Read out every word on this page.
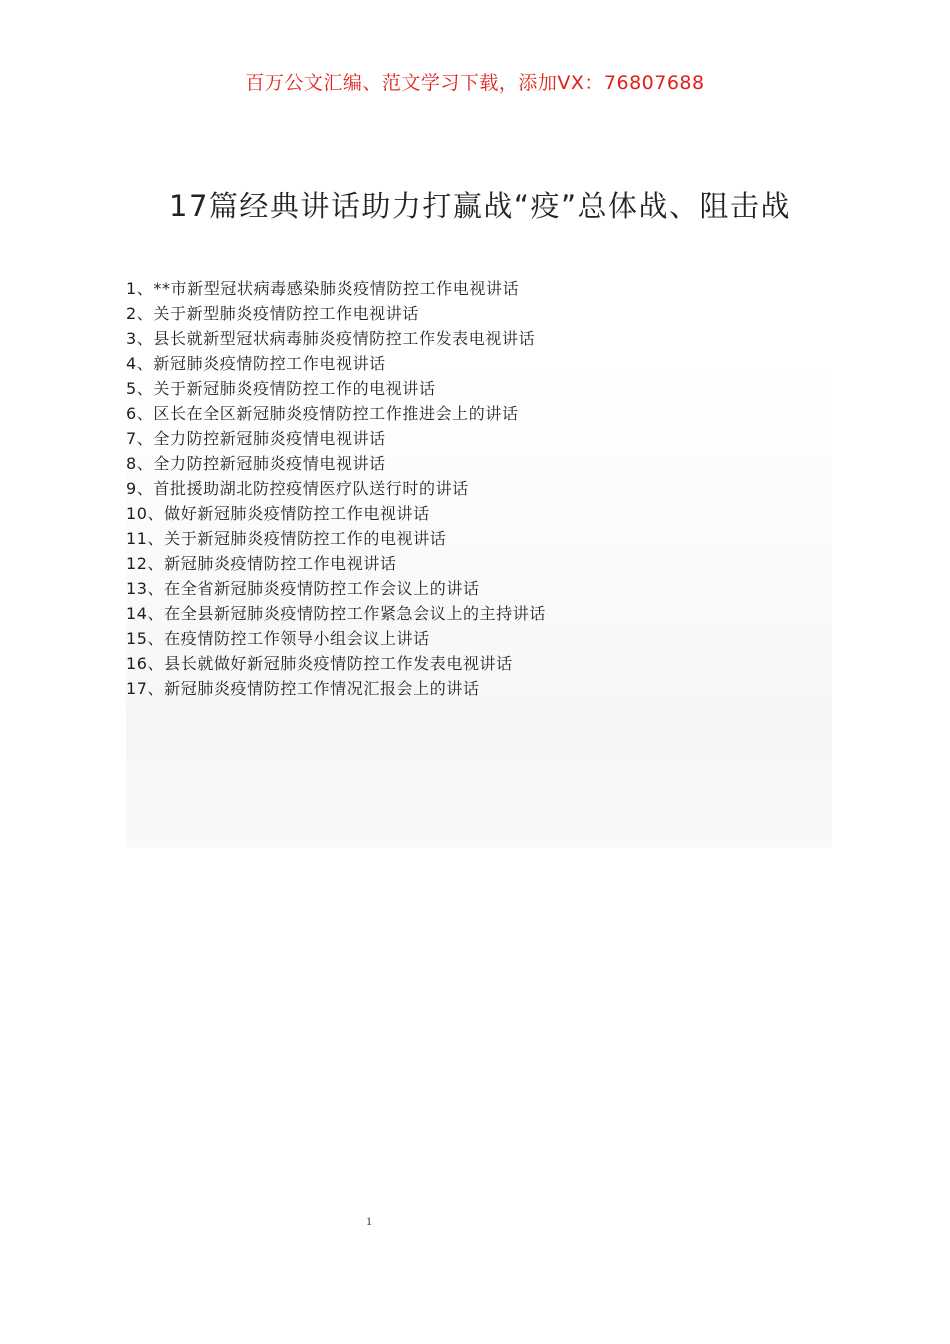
百万公文汇编、范文学习下载，添加VX：76807688
17篇经典讲话助力打赢战“疫”总体战、阻击战
1、**市新型冠状病毒感染肺炎疫情防控工作电视讲话
2、关于新型肺炎疫情防控工作电视讲话
3、县长就新型冠状病毒肺炎疫情防控工作发表电视讲话
4、新冠肺炎疫情防控工作电视讲话
5、关于新冠肺炎疫情防控工作的电视讲话
6、区长在全区新冠肺炎疫情防控工作推进会上的讲话
7、全力防控新冠肺炎疫情电视讲话
8、全力防控新冠肺炎疫情电视讲话
9、首批援助湖北防控疫情医疗队送行时的讲话
10、做好新冠肺炎疫情防控工作电视讲话
11、关于新冠肺炎疫情防控工作的电视讲话
12、新冠肺炎疫情防控工作电视讲话
13、在全省新冠肺炎疫情防控工作会议上的讲话
14、在全县新冠肺炎疫情防控工作紧急会议上的主持讲话
15、在疫情防控工作领导小组会议上讲话
16、县长就做好新冠肺炎疫情防控工作发表电视讲话
17、新冠肺炎疫情防控工作情况汇报会上的讲话
1
